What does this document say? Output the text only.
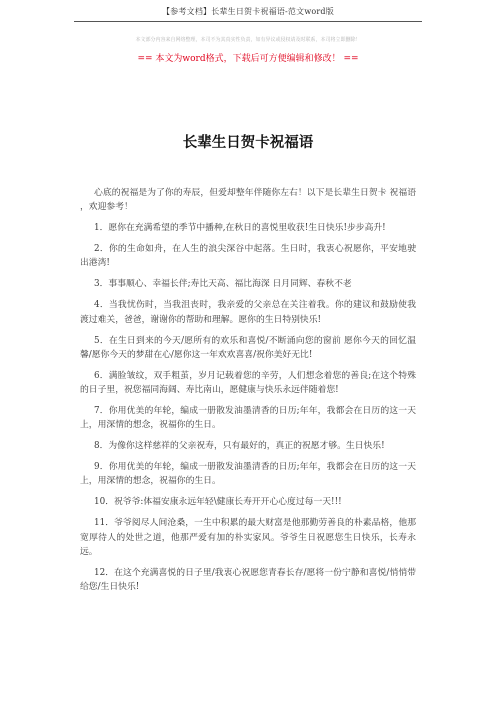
【参考文档】长辈生日贺卡祝福语-范文word版
本文部分内容来自网络整理，本司不为其真实性负责，如有异议或侵权请及时联系，本司将立即删除！
== 本文为word格式，下载后可方便编辑和修改！ ==
长辈生日贺卡祝福语

心底的祝福是为了你的寿辰，但爱却整年伴随你左右！以下是长辈生日贺卡 祝福语 ，欢迎参考！

1．愿你在充满希望的季节中播种,在秋日的喜悦里收获!生日快乐!步步高升!

2．你的生命如舟，在人生的浪尖深谷中起落。生日时，我衷心祝愿你，平安地驶出港湾!

3．事事顺心、幸福长伴;寿比天高、福比海深 日月同辉、春秋不老

4．当我忧伤时，当我沮丧时，我亲爱的父亲总在关注着我。你的建议和鼓励使我渡过难关，爸爸，谢谢你的帮助和理解。愿你的生日特别快乐!

5．在生日到来的今天/愿所有的欢乐和喜悦/不断涌向您的窗前 愿你今天的回忆温馨/愿你今天的梦甜在心/愿你这一年欢欢喜喜/祝你美好无比!

6．满脸皱纹，双手粗茧，岁月记载着您的辛劳，人们想念着您的善良;在这个特殊的日子里，祝您福同海阔、寿比南山，愿健康与快乐永远伴随着您!

7．你用优美的年轮，编成一册散发油墨清香的日历;年年，我都会在日历的这一天上，用深情的想念，祝福你的生日。

8．为像你这样慈祥的父亲祝寿，只有最好的，真正的祝愿才够。生日快乐!

9．你用优美的年轮，编成一册散发油墨清香的日历;年年，我都会在日历的这一天上，用深情的想念，祝福你的生日。

10．祝爷爷:体福安康永远年轻\健康长寿开开心心度过每一天!!!

11．爷爷阅尽人间沧桑，一生中积累的最大财富是他那勤劳善良的朴素品格，他那宽厚待人的处世之道，他那严爱有加的朴实家风。爷爷生日祝愿您生日快乐，长寿永远。

12．在这个充满喜悦的日子里/我衷心祝愿您青春长存/愿将一份宁静和喜悦/悄悄带给您/生日快乐!
